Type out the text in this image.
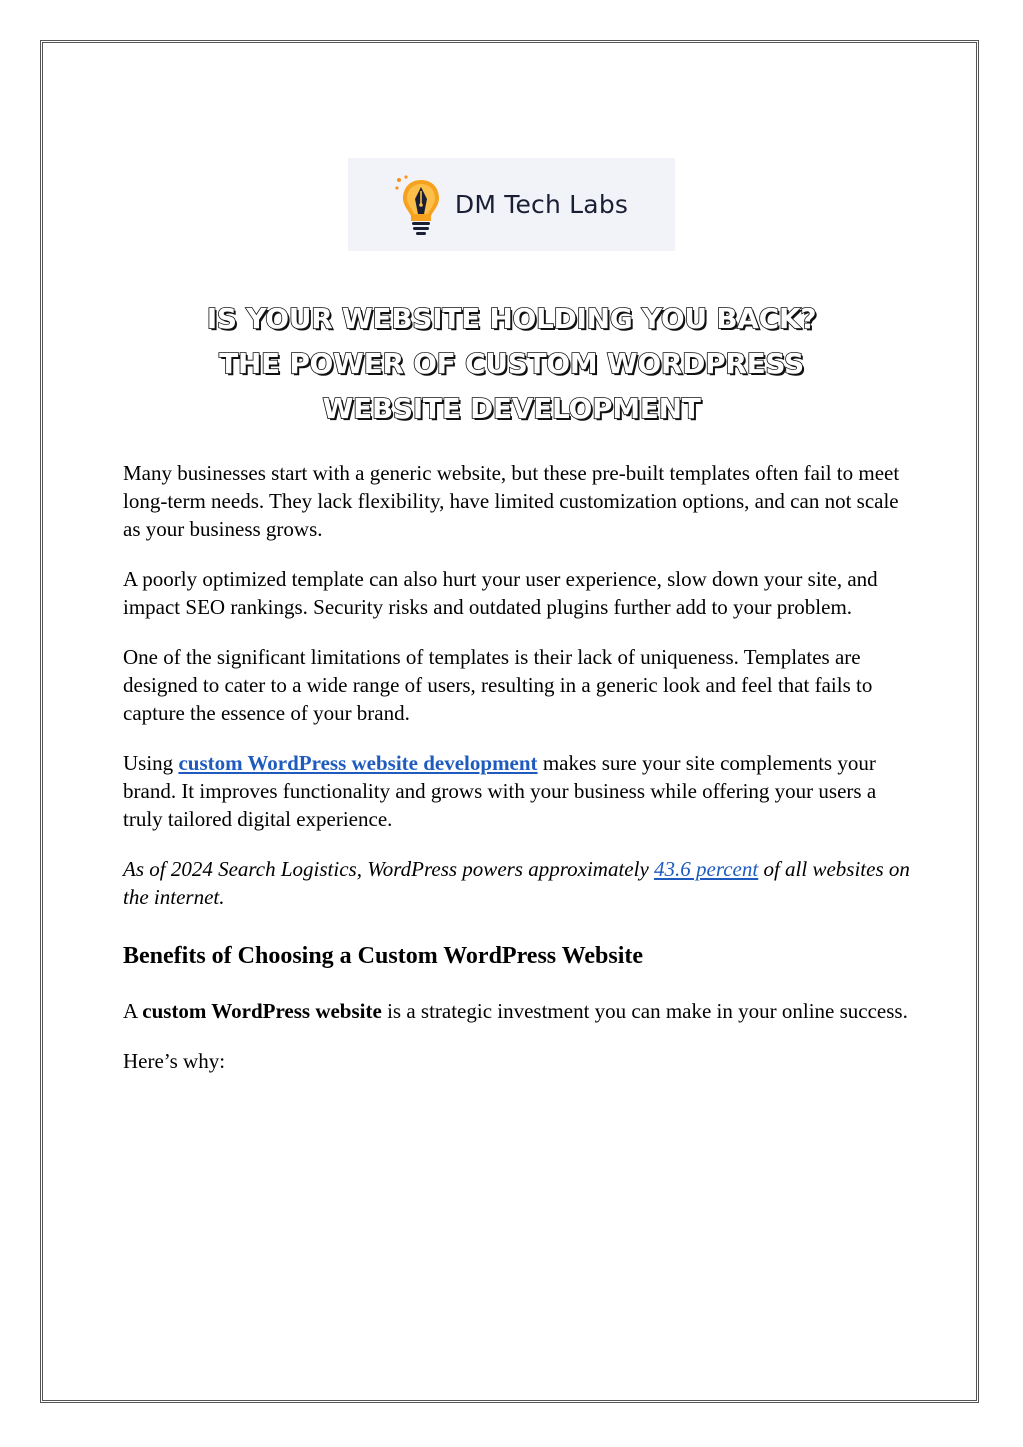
DM Tech Labs
IS YOUR WEBSITE HOLDING YOU BACK?
THE POWER OF CUSTOM WORDPRESS
WEBSITE DEVELOPMENT

Many businesses start with a generic website, but these pre-built templates often fail to meet long-term needs. They lack flexibility, have limited customization options, and can not scale as your business grows.

A poorly optimized template can also hurt your user experience, slow down your site, and impact SEO rankings. Security risks and outdated plugins further add to your problem.

One of the significant limitations of templates is their lack of uniqueness. Templates are designed to cater to a wide range of users, resulting in a generic look and feel that fails to capture the essence of your brand.

Using custom WordPress website development makes sure your site complements your brand. It improves functionality and grows with your business while offering your users a truly tailored digital experience.

As of 2024 Search Logistics, WordPress powers approximately 43.6 percent of all websites on the internet.

Benefits of Choosing a Custom WordPress Website

A custom WordPress website is a strategic investment you can make in your online success.

Here’s why:
